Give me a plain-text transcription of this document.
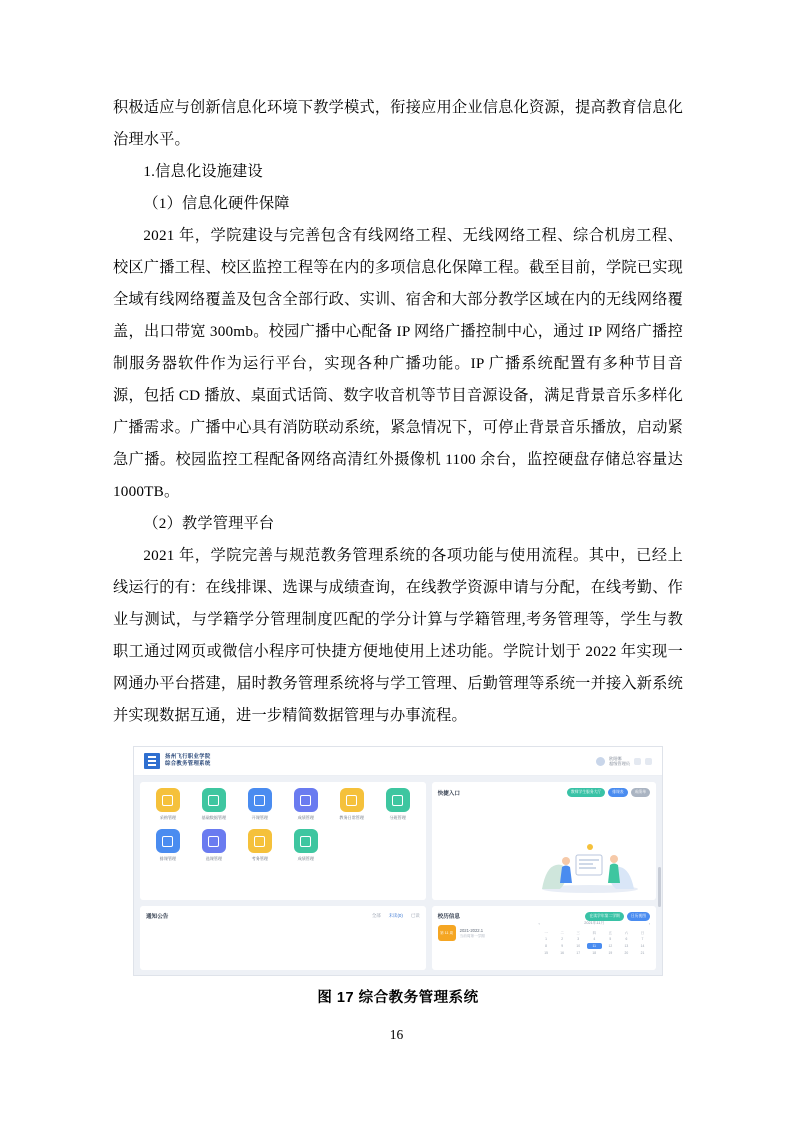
积极适应与创新信息化环境下教学模式，衔接应用企业信息化资源，提高教育信息化治理水平。

1.信息化设施建设

（1）信息化硬件保障

2021 年，学院建设与完善包含有线网络工程、无线网络工程、综合机房工程、校区广播工程、校区监控工程等在内的多项信息化保障工程。截至目前，学院已实现全域有线网络覆盖及包含全部行政、实训、宿舍和大部分教学区域在内的无线网络覆盖，出口带宽 300mb。校园广播中心配备 IP 网络广播控制中心，通过 IP 网络广播控制服务器软件作为运行平台，实现各种广播功能。IP 广播系统配置有多种节目音源，包括 CD 播放、桌面式话筒、数字收音机等节目音源设备，满足背景音乐多样化广播需求。广播中心具有消防联动系统，紧急情况下，可停止背景音乐播放，启动紧急广播。校园监控工程配备网络高清红外摄像机 1100 余台，监控硬盘存储总容量达 1000TB。

（2）教学管理平台

2021 年，学院完善与规范教务管理系统的各项功能与使用流程。其中，已经上线运行的有：在线排课、选课与成绩查询，在线教学资源申请与分配，在线考勤、作业与测试，与学籍学分管理制度匹配的学分计算与学籍管理,考务管理等，学生与教职工通过网页或微信小程序可快捷方便地使用上述功能。学院计划于 2022 年实现一网通办平台搭建，届时教务管理系统将与学工管理、后勤管理等系统一并接入新系统并实现数据互通，进一步精简数据管理与办事流程。

扬州飞行职业学院
综合教务管理系统
欧阳娜
超级管理员
采购管理	基础数据管理	开课管理	成绩管理	教务日常管理	分班管理
排课管理	选课管理	考务管理	成绩管理
通知公告	全部 未读(0) 已读
快捷入口	教师学生服务大厅	排课表	成绩单
校历信息
第 11 周	2021-2022.1
当前周第一学期
在读学年第二学期	日历视图
‹	2021年11月	›
一	二	三	四	五	六	日
1	2	3	4	5	6	7
8	9	10	11	12	13	14
15	16	17	18	19	20	21
图 17 综合教务管理系统
16
